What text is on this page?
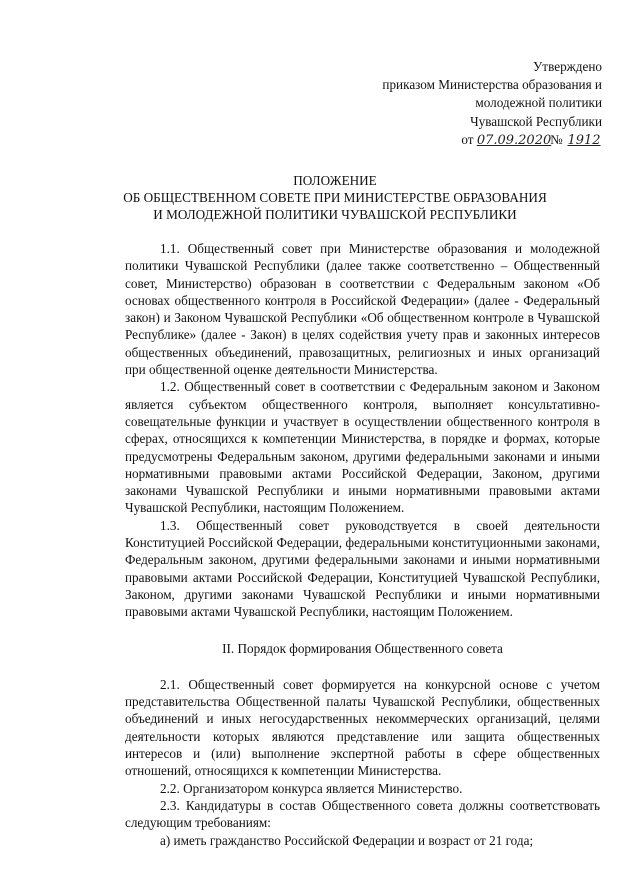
Утверждено
приказом Министерства образования и
молодежной политики
Чувашской Республики
от 07.09.2020 № 1912
ПОЛОЖЕНИЕ
ОБ ОБЩЕСТВЕННОМ СОВЕТЕ ПРИ МИНИСТЕРСТВЕ ОБРАЗОВАНИЯ
И МОЛОДЕЖНОЙ ПОЛИТИКИ ЧУВАШСКОЙ РЕСПУБЛИКИ

1.1. Общественный совет при Министерстве образования и молодежной политики Чувашской Республики (далее также соответственно – Общественный совет, Министерство) образован в соответствии с Федеральным законом «Об основах общественного контроля в Российской Федерации» (далее - Федеральный закон) и Законом Чувашской Республики «Об общественном контроле в Чувашской Республике» (далее - Закон) в целях содействия учету прав и законных интересов общественных объединений, правозащитных, религиозных и иных организаций при общественной оценке деятельности Министерства.

1.2. Общественный совет в соответствии с Федеральным законом и Законом является субъектом общественного контроля, выполняет консультативно-совещательные функции и участвует в осуществлении общественного контроля в сферах, относящихся к компетенции Министерства, в порядке и формах, которые предусмотрены Федеральным законом, другими федеральными законами и иными нормативными правовыми актами Российской Федерации, Законом, другими законами Чувашской Республики и иными нормативными правовыми актами Чувашской Республики, настоящим Положением.

1.3. Общественный совет руководствуется в своей деятельности Конституцией Российской Федерации, федеральными конституционными законами, Федеральным законом, другими федеральными законами и иными нормативными правовыми актами Российской Федерации, Конституцией Чувашской Республики, Законом, другими законами Чувашской Республики и иными нормативными правовыми актами Чувашской Республики, настоящим Положением.

II. Порядок формирования Общественного совета

2.1. Общественный совет формируется на конкурсной основе с учетом представительства Общественной палаты Чувашской Республики, общественных объединений и иных негосударственных некоммерческих организаций, целями деятельности которых являются представление или защита общественных интересов и (или) выполнение экспертной работы в сфере общественных отношений, относящихся к компетенции Министерства.

2.2. Организатором конкурса является Министерство.

2.3. Кандидатуры в состав Общественного совета должны соответствовать следующим требованиям:

а) иметь гражданство Российской Федерации и возраст от 21 года;
